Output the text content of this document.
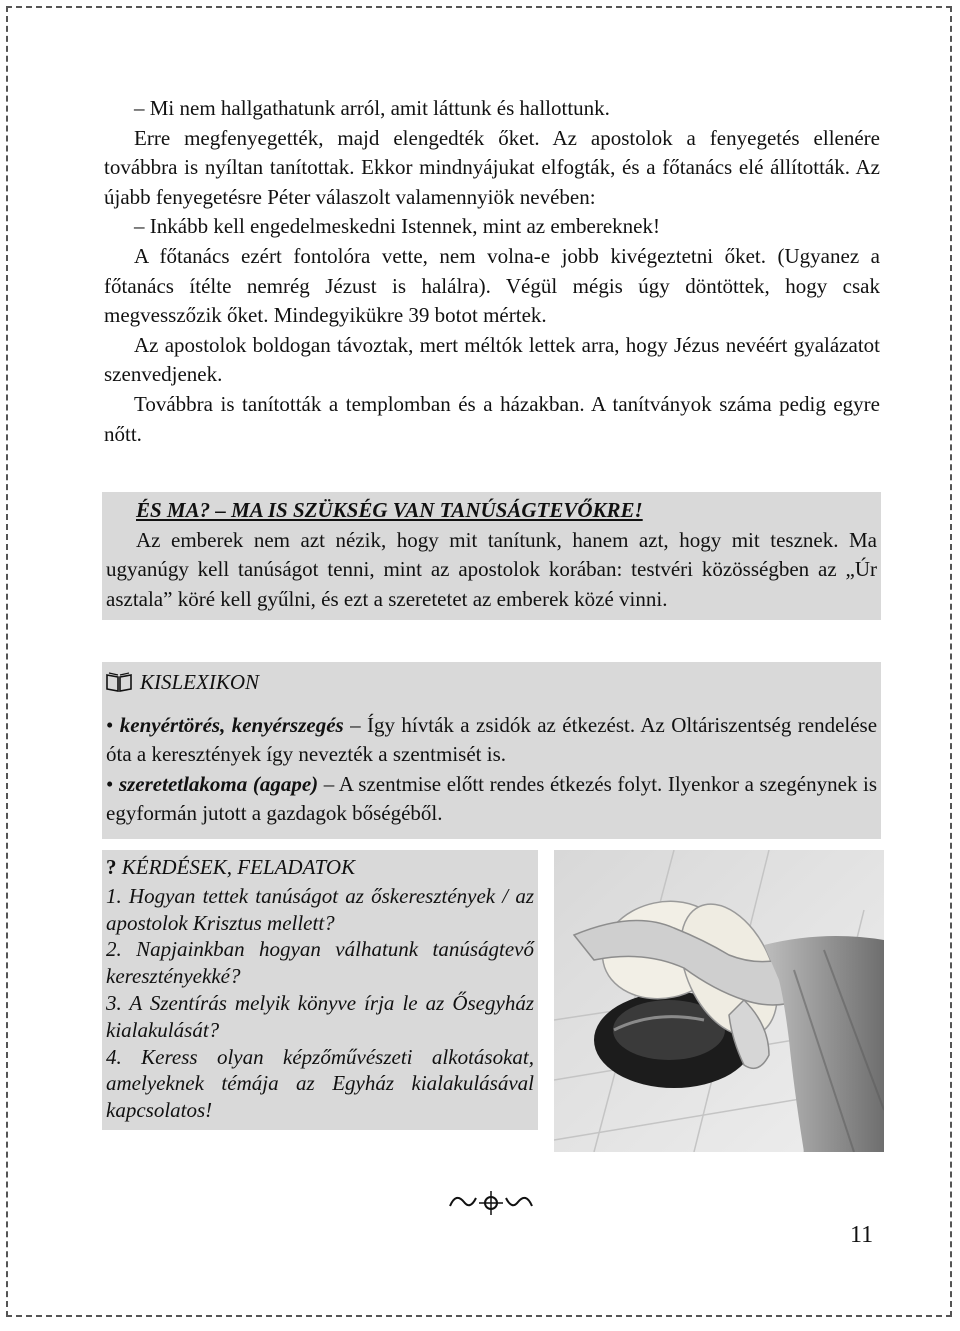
– Mi nem hallgathatunk arról, amit láttunk és hallottunk.

Erre megfenyegették, majd elengedték őket. Az apostolok a fenyegetés ellenére továbbra is nyíltan tanítottak. Ekkor mindnyájukat elfogták, és a főtanács elé állították. Az újabb fenyegetésre Péter válaszolt valamennyiök nevében:

– Inkább kell engedelmeskedni Istennek, mint az embereknek!

A főtanács ezért fontolóra vette, nem volna-e jobb kivégeztetni őket. (Ugyanez a főtanács ítélte nemrég Jézust is halálra). Végül mégis úgy döntöttek, hogy csak megvesszőzik őket. Mindegyikükre 39 botot mértek.

Az apostolok boldogan távoztak, mert méltók lettek arra, hogy Jézus nevéért gyalázatot szenvedjenek.

Továbbra is tanították a templomban és a házakban. A tanítványok száma pedig egyre nőtt.

ÉS MA? – MA IS SZÜKSÉG VAN TANÚSÁGTEVŐKRE!

Az emberek nem azt nézik, hogy mit tanítunk, hanem azt, hogy mit tesznek. Ma ugyanúgy kell tanúságot tenni, mint az apostolok korában: testvéri közösségben az „Úr asztala” köré kell gyűlni, és ezt a szeretetet az emberek közé vinni.

KISLEXIKON

• kenyértörés, kenyérszegés – Így hívták a zsidók az étkezést. Az Oltáriszentség rendelése óta a keresztények így nevezték a szentmisét is.

• szeretetlakoma (agape) – A szentmise előtt rendes étkezés folyt. Ilyenkor a szegénynek is egyformán jutott a gazdagok bőségéből.

? KÉRDÉSEK, FELADATOK

1. Hogyan tettek tanúságot az őskeresztények / az apostolok Krisztus mellett?

2. Napjainkban hogyan válhatunk tanúságtevő keresztényekké?

3. A Szentírás melyik könyve írja le az Ősegyház kialakulását?

4. Keress olyan képzőművészeti alkotásokat, amelyeknek témája az Egyház kialakulásával kapcsolatos!

11
